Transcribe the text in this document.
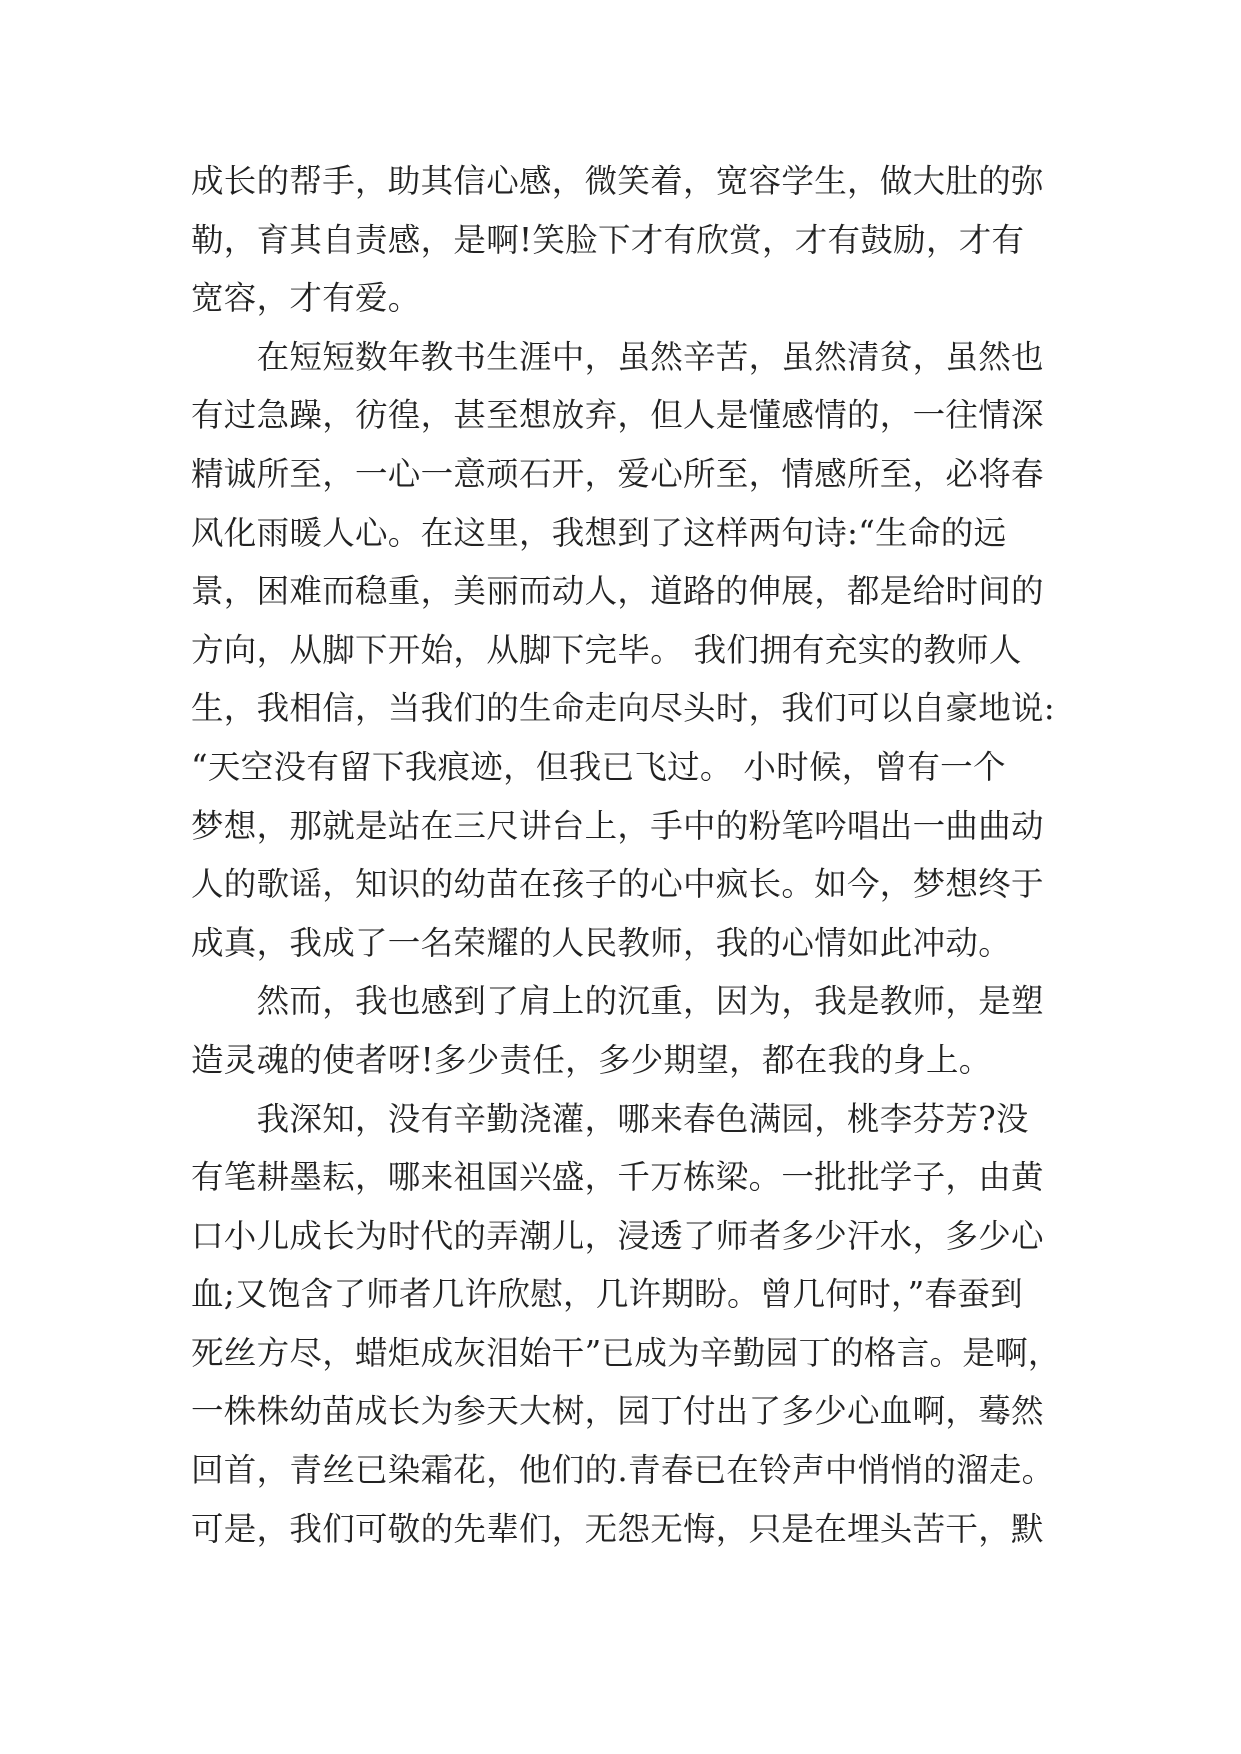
成长的帮手，助其信心感，微笑着，宽容学生，做大肚的弥
勒，育其自责感，是啊!笑脸下才有欣赏，才有鼓励，才有
宽容，才有爱。
　　在短短数年教书生涯中，虽然辛苦，虽然清贫，虽然也
有过急躁，彷徨，甚至想放弃，但人是懂感情的，一往情深
精诚所至，一心一意顽石开，爱心所至，情感所至，必将春
风化雨暖人心。在这里，我想到了这样两句诗:“生命的远
景，困难而稳重，美丽而动人，道路的伸展，都是给时间的
方向，从脚下开始，从脚下完毕。 我们拥有充实的教师人
生，我相信，当我们的生命走向尽头时，我们可以自豪地说:
“天空没有留下我痕迹，但我已飞过。 小时候，曾有一个
梦想，那就是站在三尺讲台上，手中的粉笔吟唱出一曲曲动
人的歌谣，知识的幼苗在孩子的心中疯长。如今，梦想终于
成真，我成了一名荣耀的人民教师，我的心情如此冲动。
　　然而，我也感到了肩上的沉重，因为，我是教师，是塑
造灵魂的使者呀!多少责任，多少期望，都在我的身上。
　　我深知，没有辛勤浇灌，哪来春色满园，桃李芬芳?没
有笔耕墨耘，哪来祖国兴盛，千万栋梁。一批批学子，由黄
口小儿成长为时代的弄潮儿，浸透了师者多少汗水，多少心
血;又饱含了师者几许欣慰，几许期盼。曾几何时，”春蚕到
死丝方尽，蜡炬成灰泪始干”已成为辛勤园丁的格言。是啊，
一株株幼苗成长为参天大树，园丁付出了多少心血啊，蓦然
回首，青丝已染霜花，他们的.青春已在铃声中悄悄的溜走。
可是，我们可敬的先辈们，无怨无悔，只是在埋头苦干，默
